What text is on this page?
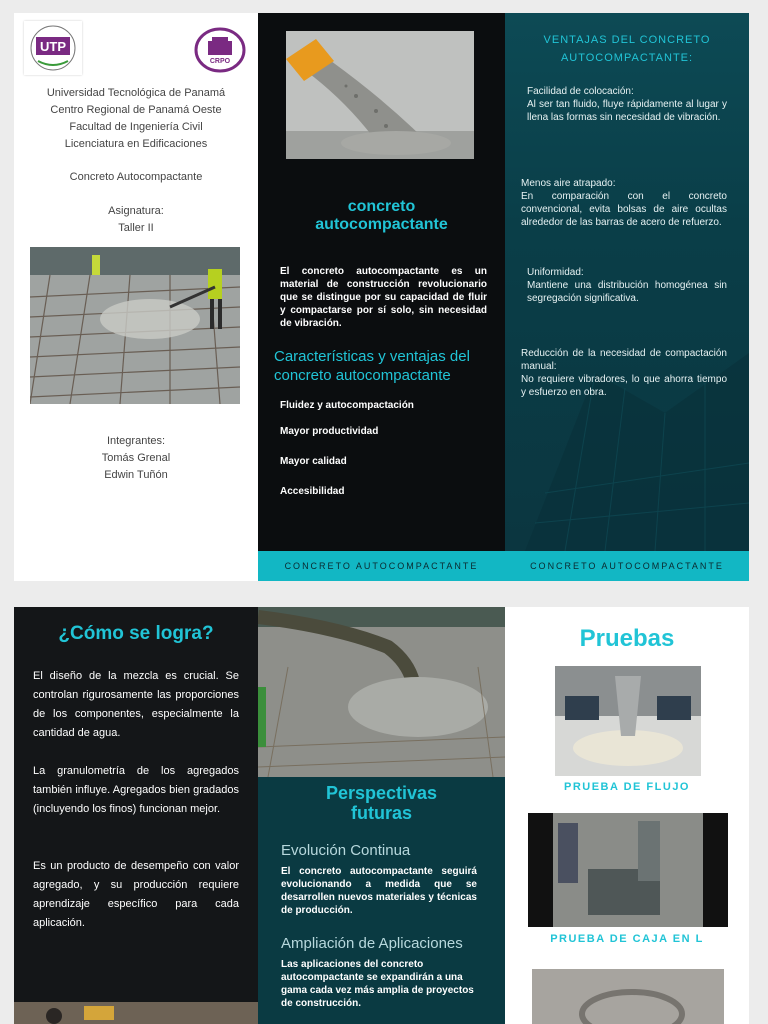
UTP
CRPO
Universidad Tecnológica de Panamá
Centro Regional de Panamá Oeste
Facultad de Ingeniería Civil
Licenciatura en Edificaciones
Concreto Autocompactante
Asignatura:
Taller II
Integrantes:
Tomás Grenal
Edwin Tuñón
concreto
autocompactante
El concreto autocompactante es un material de construcción revolucionario que se distingue por su capacidad de fluir y compactarse por sí solo, sin necesidad de vibración.
Características y ventajas del concreto autocompactante
Fluidez y autocompactación
Mayor productividad
Mayor calidad
Accesibilidad
CONCRETO AUTOCOMPACTANTE
VENTAJAS DEL CONCRETO AUTOCOMPACTANTE:
Facilidad de colocación:
Al ser tan fluido, fluye rápidamente al lugar y llena las formas sin necesidad de vibración.
Menos aire atrapado:
En comparación con el concreto convencional, evita bolsas de aire ocultas alrededor de las barras de acero de refuerzo.
Uniformidad:
Mantiene una distribución homogénea sin segregación significativa.
Reducción de la necesidad de compactación manual:
No requiere vibradores, lo que ahorra tiempo y esfuerzo en obra.
CONCRETO AUTOCOMPACTANTE
¿Cómo se logra?
El diseño de la mezcla es crucial. Se controlan rigurosamente las proporciones de los componentes, especialmente la cantidad de agua.
La granulometría de los agregados también influye. Agregados bien gradados (incluyendo los finos) funcionan mejor.
Es un producto de desempeño con valor agregado, y su producción requiere aprendizaje específico para cada aplicación.
Perspectivas
futuras
Evolución Continua
El concreto autocompactante seguirá evolucionando a medida que se desarrollen nuevos materiales y técnicas de producción.
Ampliación de Aplicaciones
Las aplicaciones del concreto autocompactante se expandirán a una gama cada vez más amplia de proyectos de construcción.
Pruebas
PRUEBA DE FLUJO
PRUEBA DE CAJA EN L
